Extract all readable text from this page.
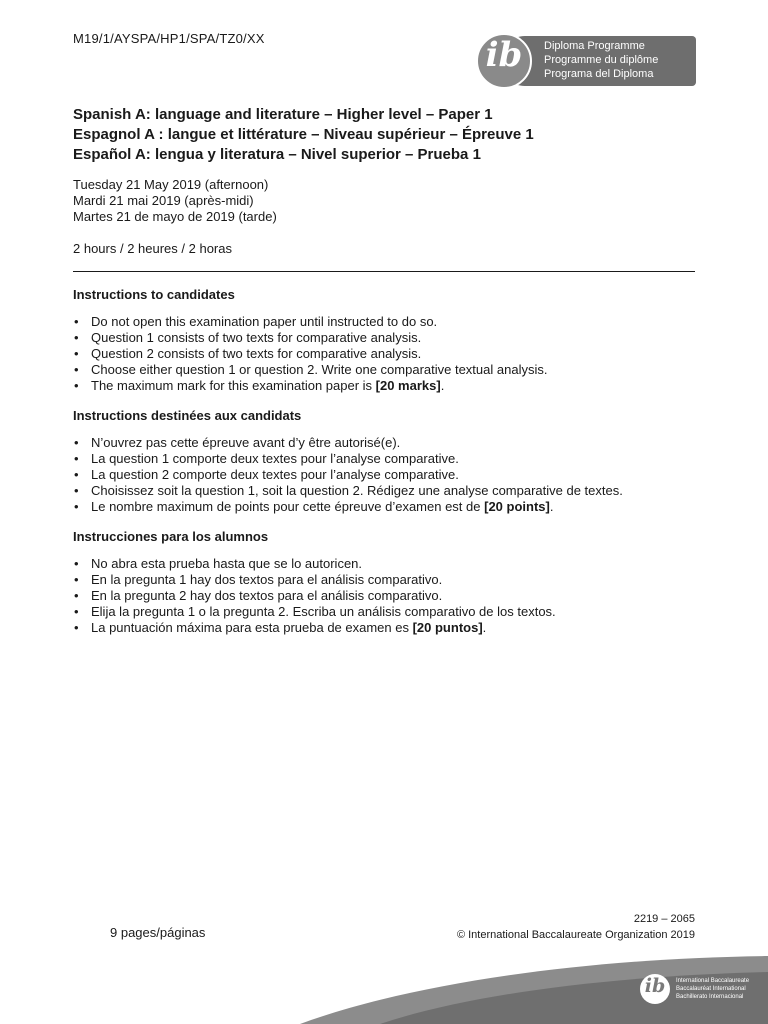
M19/1/AYSPA/HP1/SPA/TZ0/XX	ib	Diploma Programme
Programme du diplôme
Programa del Diploma
Spanish A: language and literature – Higher level – Paper 1
Espagnol A : langue et littérature – Niveau supérieur – Épreuve 1
Español A: lengua y literatura – Nivel superior – Prueba 1
Tuesday 21 May 2019 (afternoon)
Mardi 21 mai 2019 (après-midi)
Martes 21 de mayo de 2019 (tarde)
2 hours / 2 heures / 2 horas
Instructions to candidates
• Do not open this examination paper until instructed to do so.
• Question 1 consists of two texts for comparative analysis.
• Question 2 consists of two texts for comparative analysis.
• Choose either question 1 or question 2. Write one comparative textual analysis.
• The maximum mark for this examination paper is [20 marks].
Instructions destinées aux candidats
• N’ouvrez pas cette épreuve avant d’y être autorisé(e).
• La question 1 comporte deux textes pour l’analyse comparative.
• La question 2 comporte deux textes pour l’analyse comparative.
• Choisissez soit la question 1, soit la question 2. Rédigez une analyse comparative de textes.
• Le nombre maximum de points pour cette épreuve d’examen est de [20 points].
Instrucciones para los alumnos
• No abra esta prueba hasta que se lo autoricen.
• En la pregunta 1 hay dos textos para el análisis comparativo.
• En la pregunta 2 hay dos textos para el análisis comparativo.
• Elija la pregunta 1 o la pregunta 2. Escriba un análisis comparativo de los textos.
• La puntuación máxima para esta prueba de examen es [20 puntos].
9 pages/páginas
2219 – 2065
© International Baccalaureate Organization 2019
ib	International Baccalaureate
Baccalauréat International
Bachillerato Internacional
